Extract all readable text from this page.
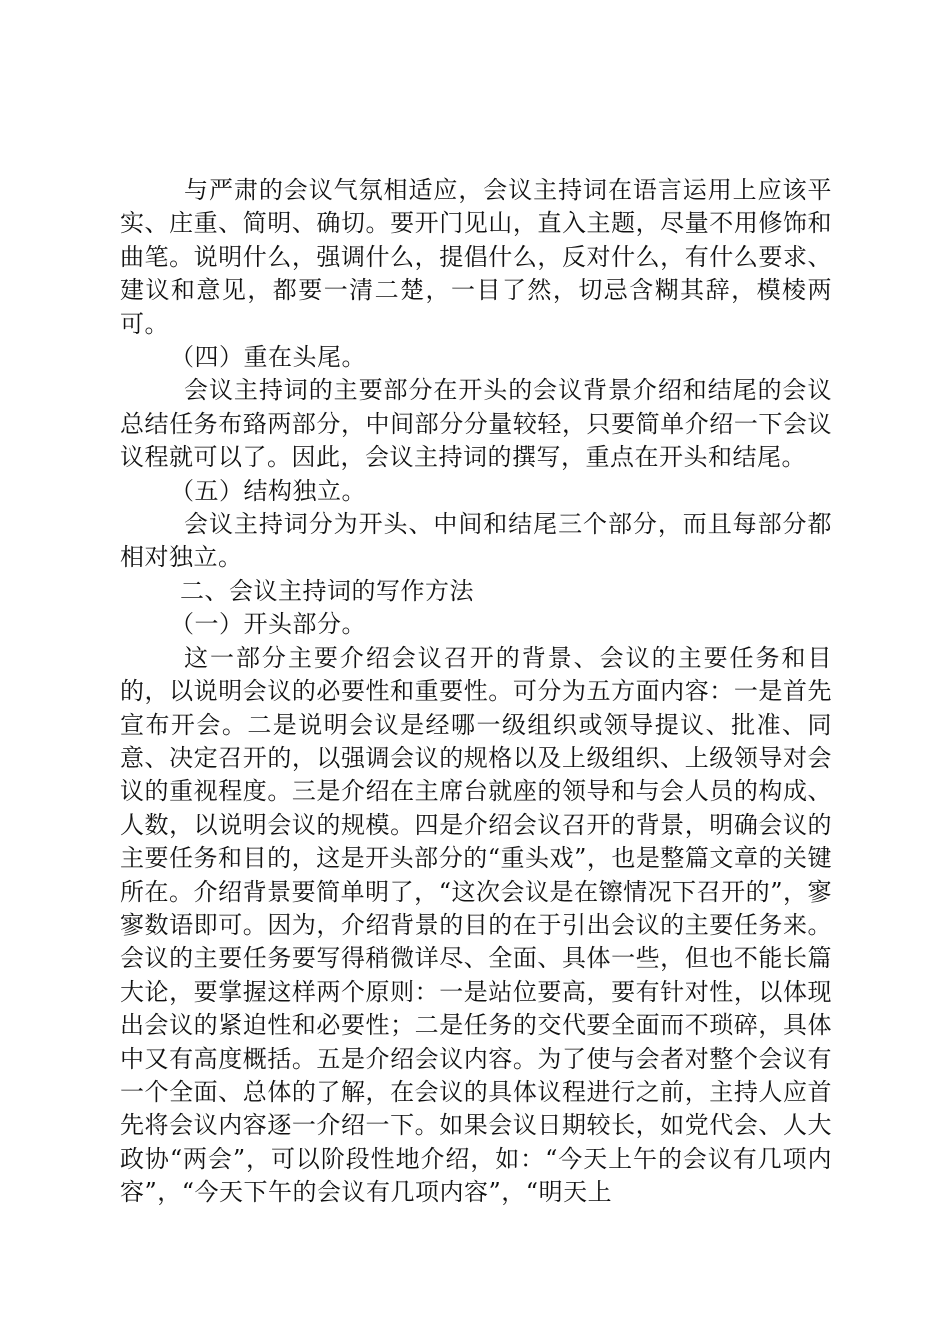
与严肃的会议气氛相适应，会议主持词在语言运用上应该平实、庄重、简明、确切。要开门见山，直入主题，尽量不用修饰和曲笔。说明什么，强调什么，提倡什么，反对什么，有什么要求、建议和意见，都要一清二楚，一目了然，切忌含糊其辞，模棱两可。

（四）重在头尾。

会议主持词的主要部分在开头的会议背景介绍和结尾的会议总结任务布臵两部分，中间部分分量较轻，只要简单介绍一下会议议程就可以了。因此，会议主持词的撰写，重点在开头和结尾。

（五）结构独立。

会议主持词分为开头、中间和结尾三个部分，而且每部分都相对独立。

二、会议主持词的写作方法

（一）开头部分。

这一部分主要介绍会议召开的背景、会议的主要任务和目的，以说明会议的必要性和重要性。可分为五方面内容：一是首先宣布开会。二是说明会议是经哪一级组织或领导提议、批准、同意、决定召开的，以强调会议的规格以及上级组织、上级领导对会议的重视程度。三是介绍在主席台就座的领导和与会人员的构成、人数，以说明会议的规模。四是介绍会议召开的背景，明确会议的主要任务和目的，这是开头部分的“重头戏”，也是整篇文章的关键所在。介绍背景要简单明了，“这次会议是在镲情况下召开的”，寥寥数语即可。因为，介绍背景的目的在于引出会议的主要任务来。会议的主要任务要写得稍微详尽、全面、具体一些，但也不能长篇大论，要掌握这样两个原则：一是站位要高，要有针对性，以体现出会议的紧迫性和必要性；二是任务的交代要全面而不琐碎，具体中又有高度概括。五是介绍会议内容。为了使与会者对整个会议有一个全面、总体的了解，在会议的具体议程进行之前，主持人应首先将会议内容逐一介绍一下。如果会议日期较长，如党代会、人大政协“两会”，可以阶段性地介绍，如：“今天上午的会议有几项内容”，“今天下午的会议有几项内容”，“明天上
